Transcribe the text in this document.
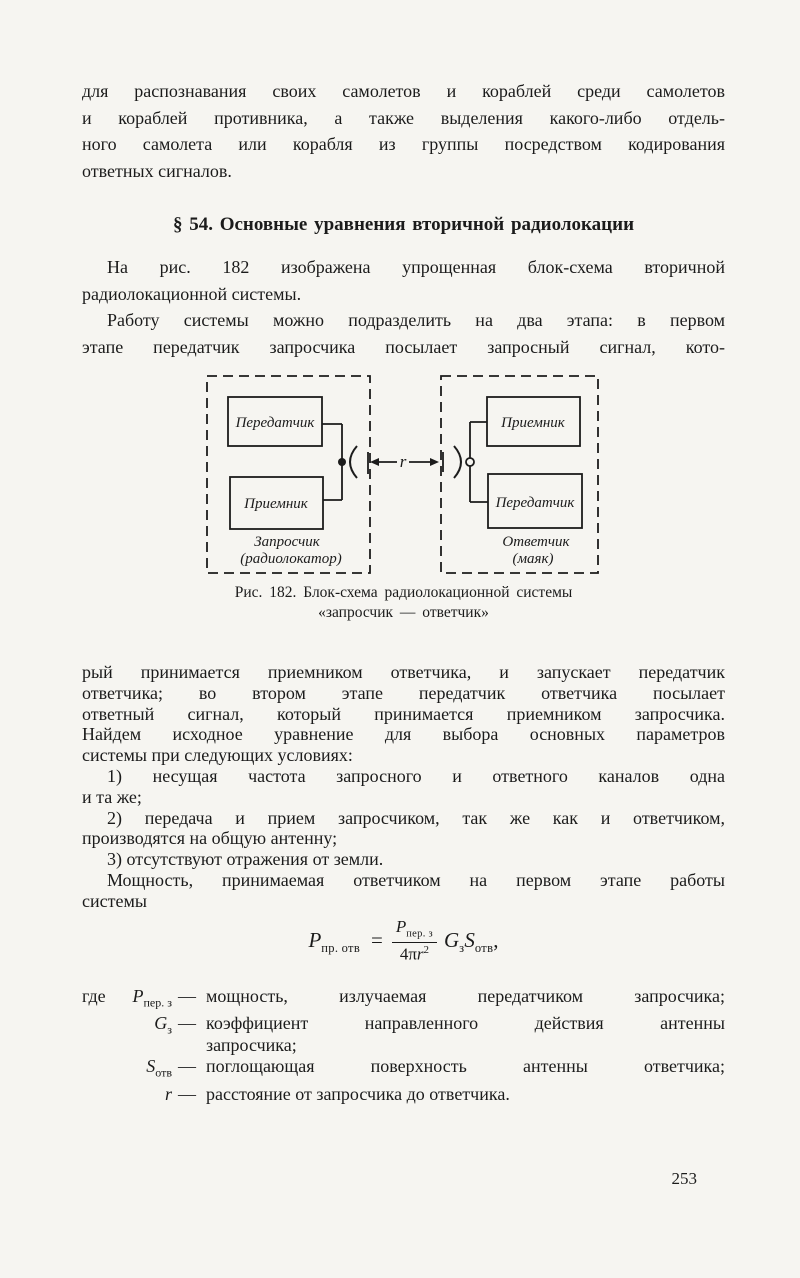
для распознавания своих самолетов и кораблей среди самолетов
и кораблей противника, а также выделения какого-либо отдель-
ного самолета или корабля из группы посредством кодирования
ответных сигналов.
§ 54. Основные уравнения вторичной радиолокации
На рис. 182 изображена упрощенная блок-схема вторичной
радиолокационной системы.
Работу системы можно подразделить на два этапа: в первом
этапе передатчик запросчика посылает запросный сигнал, кото-
r
Передатчик
Приемник
Приемник
Передатчик
Запросчик
(радиолокатор)
Ответчик
(маяк)
Рис. 182. Блок-схема радиолокационной системы
«запросчик — ответчик»
рый принимается приемником ответчика, и запускает передатчик
ответчика; во втором этапе передатчик ответчика посылает
ответный сигнал, который принимается приемником запросчика.
Найдем исходное уравнение для выбора основных параметров
системы при следующих условиях:
1) несущая частота запросного и ответного каналов одна
и та же;
2) передача и прием запросчиком, так же как и ответчиком,
производятся на общую антенну;
3) отсутствуют отражения от земли.
Мощность, принимаемая ответчиком на первом этапе работы
системы
$P_{пр. отв} = \frac{P_{пер. з}}{4\pi r^2} G_зS_{отв}$,
где	$P_{пер. з}$ — мощность, излучаемая передатчиком запросчика;
$G_з$ — коэффициент направленного действия антенны
запросчика;
$S_{отв}$ — поглощающая поверхность антенны ответчика;
r — расстояние от запросчика до ответчика.
253
